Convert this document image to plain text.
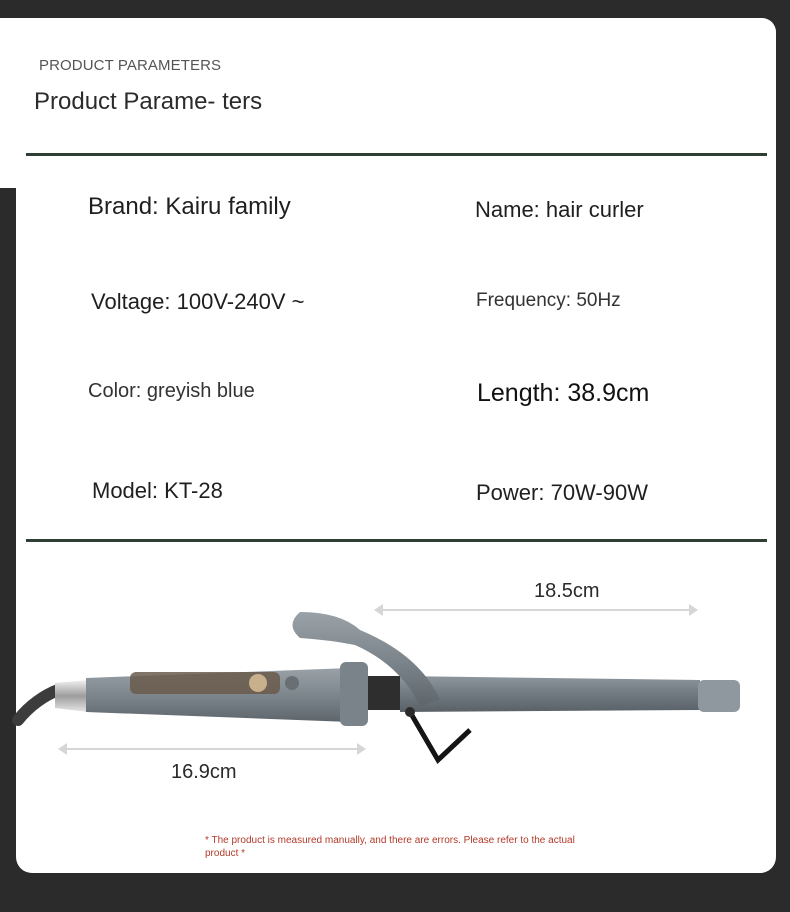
PRODUCT PARAMETERS
Product Parame- ters
Brand: Kairu family	Name: hair curler
Voltage: 100V-240V ~	Frequency: 50Hz
Color: greyish blue	Length: 38.9cm
Model: KT-28	Power: 70W-90W
18.5cm
16.9cm
* The product is measured manually, and there are errors. Please refer to the actual product *
